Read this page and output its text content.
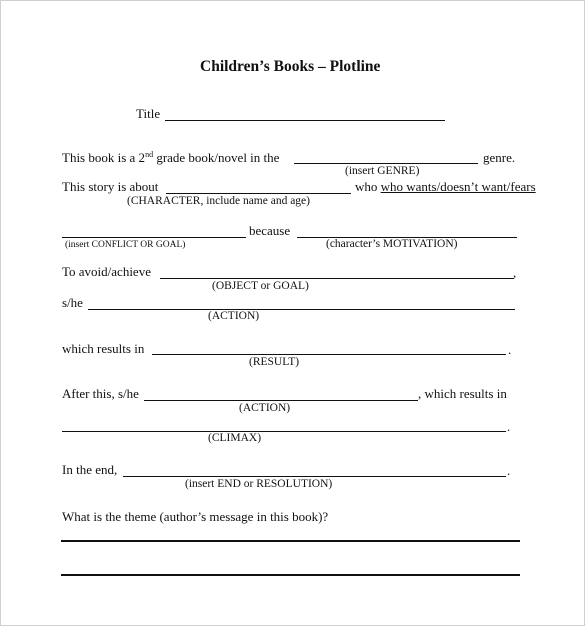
Children’s Books – Plotline
Title
This book is a 2nd grade book/novel in the	genre.
(insert GENRE)
This story is about	who who wants/doesn’t want/fears
(CHARACTER, include name and age)
because
(insert CONFLICT OR GOAL)	(character’s MOTIVATION)
To avoid/achieve	,
(OBJECT or GOAL)
s/he
(ACTION)
which results in	.
(RESULT)
After this, s/he	, which results in
(ACTION)
.
(CLIMAX)
In the end,	.
(insert END or RESOLUTION)
What is the theme (author’s message in this book)?
